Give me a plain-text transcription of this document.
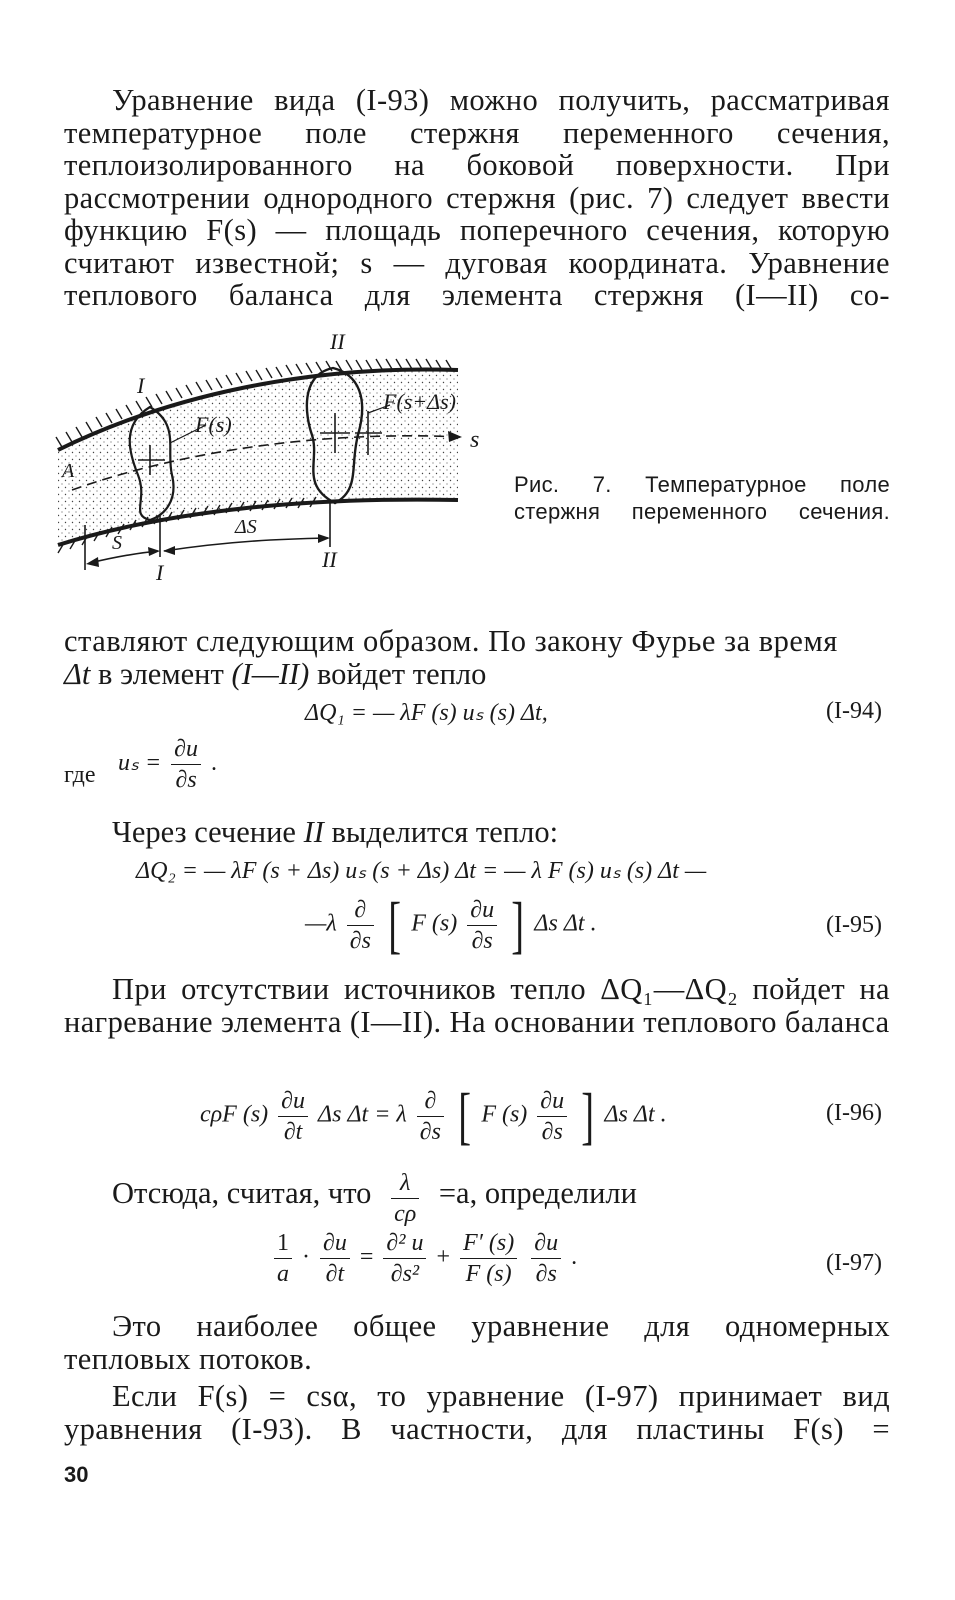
Уравнение вида (I-93) можно получить, рассматривая температурное поле стержня переменного сечения, теплоизолированного на боковой поверхности. При рассмотрении однородного стержня (рис. 7) следует ввести функцию F(s) — площадь поперечного сечения, которую считают известной; s — дуговая координата. Уравнение теплового баланса для элемента стержня (I—II) со-

I
II
F(s)
F(s+Δs)
s
A
S
ΔS
I
II
Рис. 7. Температурное поле стержня переменного сечения.
ставляют следующим образом. По закону Фурье за время
Δt в элемент (I—II) войдет тепло
ΔQ₁ = — λF (s) uₛ (s) Δt,	(I-94)
где $u_s = \frac{\partial u}{\partial s}$ .
Через сечение II выделится тепло:
ΔQ₂ = — λF (s + Δs) uₛ (s + Δs) Δt = — λ F (s) uₛ (s) Δt —
—λ $\frac{\partial}{\partial s}$ [ F $(s) \frac{\partial u}{\partial s}$ ] Δs Δt .	(I-95)

При отсутствии источников тепло ΔQ₁—ΔQ₂ пойдет на нагревание элемента (I—II). На основании теплового баланса

cρF $(s) \frac{\partial u}{\partial t}$ Δs Δt = λ $\frac{\partial}{\partial s}$ [ F $(s) \frac{\partial u}{\partial s}$ ] Δs Δt .	(I-96)
Отсюда, считая, что $\frac{\lambda}{c\rho} =a$, определили
$\frac{1}{a} \cdot \frac{\partial u}{\partial t} = \frac{\text{∂² u}}{\text{∂s²}} + \frac{F' (s)}{F (s)}$
$\frac{\partial u}{\partial s}$ .	(I-97)

Это наиболее общее уравнение для одномерных тепловых потоков.

Если F(s) = csα, то уравнение (I-97) принимает вид уравнения (I-93). В частности, для пластины F(s) =

30
